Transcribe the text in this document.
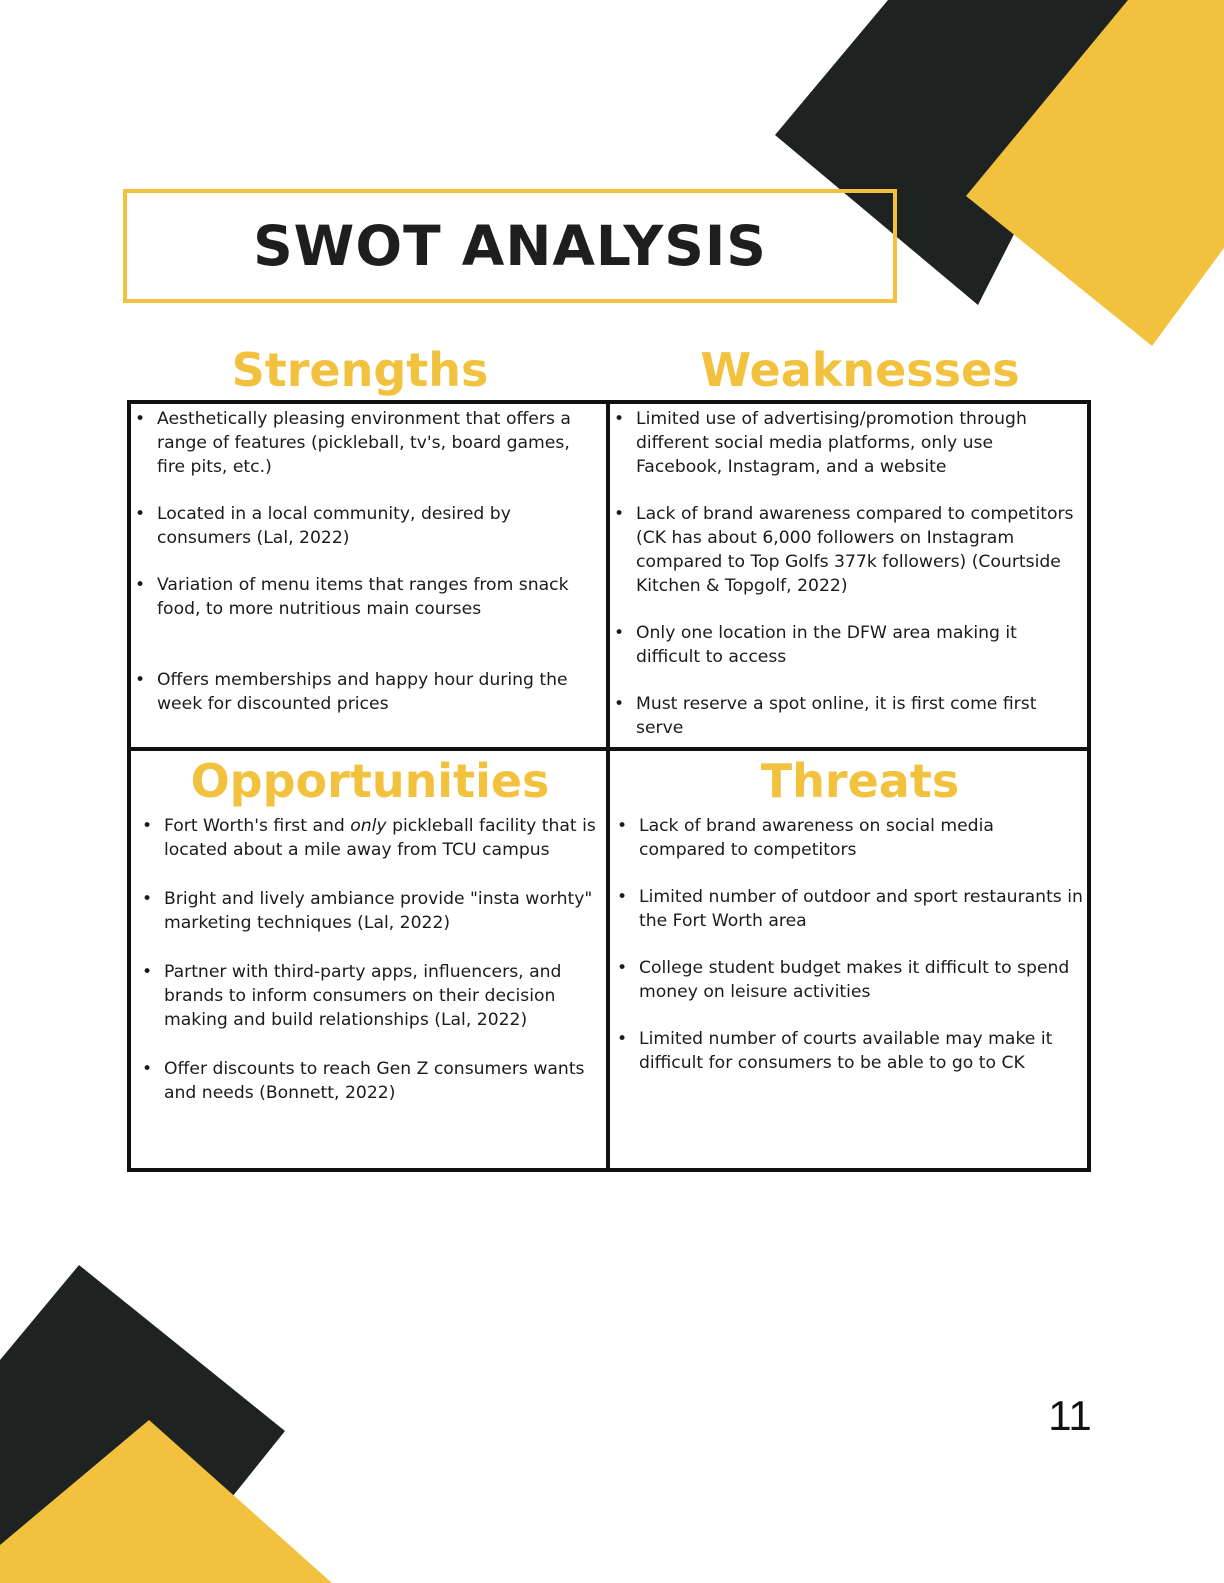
SWOT ANALYSIS
Strengths	Weaknesses
Opportunities	Threats
• Aesthetically pleasing environment that offers a range of features (pickleball, tv's, board games, fire pits, etc.)
• Located in a local community, desired by consumers (Lal, 2022)
• Variation of menu items that ranges from snack food, to more nutritious main courses
• Offers memberships and happy hour during the week for discounted prices
• Limited use of advertising/promotion through different social media platforms, only use Facebook, Instagram, and a website
• Lack of brand awareness compared to competitors (CK has about 6,000 followers on Instagram compared to Top Golfs 377k followers) (Courtside Kitchen & Topgolf, 2022)
• Only one location in the DFW area making it difficult to access
• Must reserve a spot online, it is first come first serve
• Fort Worth's first and only pickleball facility that is located about a mile away from TCU campus
• Bright and lively ambiance provide "insta worhty" marketing techniques (Lal, 2022)
• Partner with third-party apps, influencers, and brands to inform consumers on their decision making and build relationships (Lal, 2022)
• Offer discounts to reach Gen Z consumers wants and needs (Bonnett, 2022)
• Lack of brand awareness on social media compared to competitors
• Limited number of outdoor and sport restaurants in the Fort Worth area
• College student budget makes it difficult to spend money on leisure activities
• Limited number of courts available may make it difficult for consumers to be able to go to CK
11
